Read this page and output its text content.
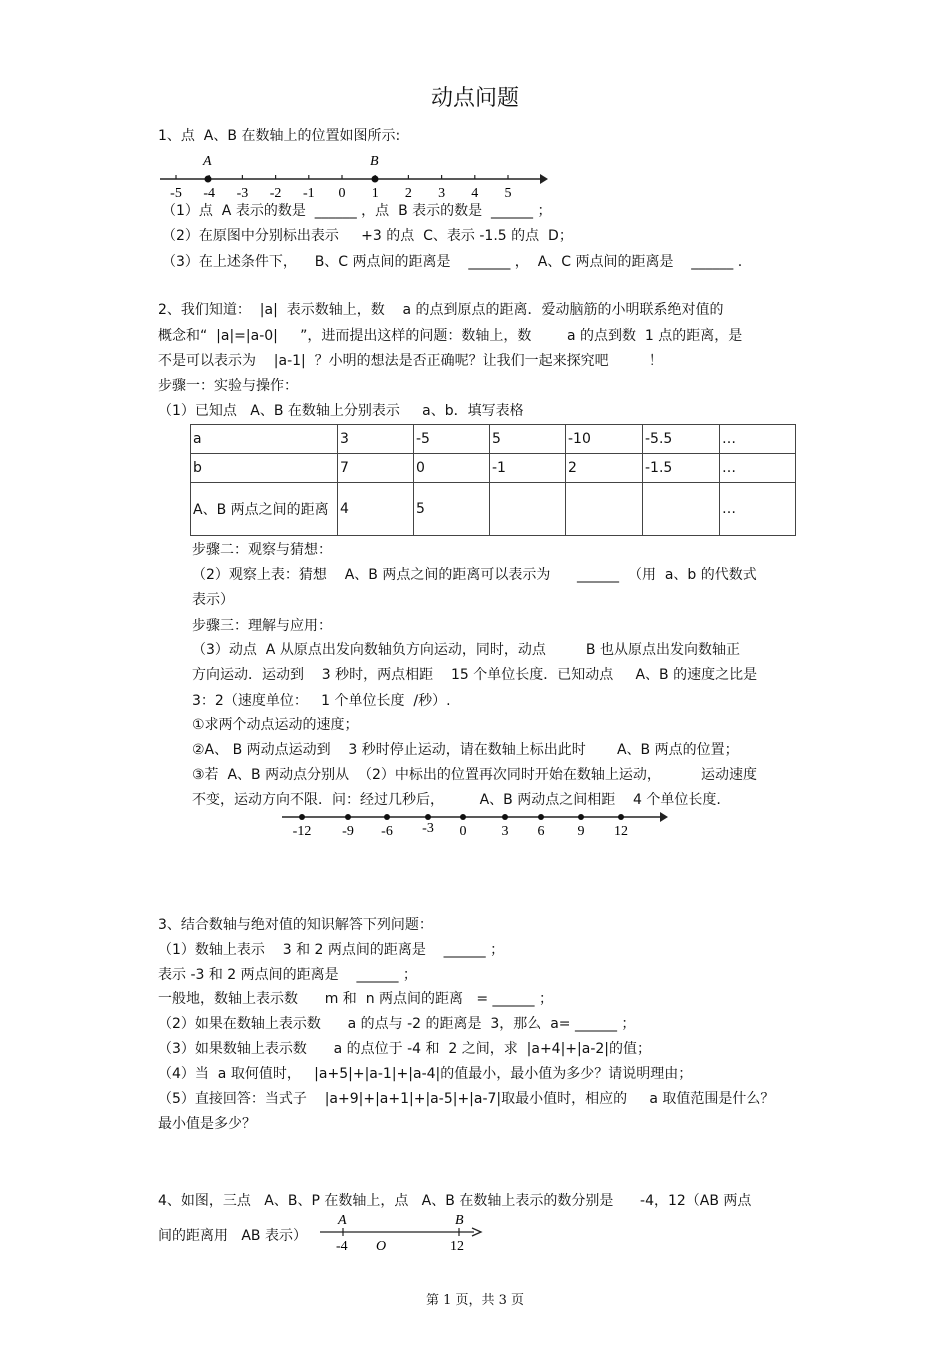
动点问题
1、点  A、B 在数轴上的位置如图所示:
-5 -4 -3 -2 -1 0 1 2 3 4 5
A	B
（1）点  A 表示的数是  ______ ，点  B 表示的数是  ______ ；
（2）在原图中分别标出表示     +3 的点  C、表示 -1.5 的点  D；
（3）在上述条件下，    B、C 两点间的距离是    ______ ，  A、C 两点间的距离是    ______ .
2、我们知道：  |a|  表示数轴上，数    a 的点到原点的距离．爱动脑筋的小明联系绝对值的
概念和“  |a|=|a-0|     ”，进而提出这样的问题：数轴上，数        a 的点到数  1 点的距离，是
不是可以表示为    |a-1|  ？小明的想法是否正确呢？让我们一起来探究吧         ！
步骤一：实验与操作：
（1）已知点   A、B 在数轴上分别表示     a、b．填写表格
a	3	-5	5	-10	-5.5	…
b	7	0	-1	2	-1.5	…
A、B 两点之间的距离	4	5				…
步骤二：观察与猜想：
（2）观察上表：猜想    A、B 两点之间的距离可以表示为      ______  （用  a、b 的代数式
表示）
步骤三：理解与应用：
（3）动点  A 从原点出发向数轴负方向运动，同时，动点         B 也从原点出发向数轴正
方向运动．运动到    3 秒时，两点相距    15 个单位长度．已知动点     A、B 的速度之比是
3：2（速度单位：   1 个单位长度  /秒）.
①求两个动点运动的速度；
②A、 B 两动点运动到    3 秒时停止运动，请在数轴上标出此时       A、B 两点的位置；
③若  A、B 两动点分别从  （2）中标出的位置再次同时开始在数轴上运动，         运动速度
不变，运动方向不限．问：经过几秒后，        A、B 两动点之间相距    4 个单位长度.
-12 -9 -6 -3 0	3 6 9 12
3、结合数轴与绝对值的知识解答下列问题：
（1）数轴上表示    3 和 2 两点间的距离是    ______ ；
表示 -3 和 2 两点间的距离是    ______ ；
一般地，数轴上表示数      m 和  n 两点间的距离   = ______ ；
（2）如果在数轴上表示数      a 的点与 -2 的距离是  3，那么  a= ______ ；
（3）如果数轴上表示数      a 的点位于 -4 和  2 之间，求  |a+4|+|a-2|的值；
（4）当  a 取何值时，   |a+5|+|a-1|+|a-4|的值最小，最小值为多少？请说明理由；
（5）直接回答：当式子    |a+9|+|a+1|+|a-5|+|a-7|取最小值时，相应的     a 取值范围是什么？
最小值是多少？
4、如图，三点   A、B、P 在数轴上，点   A、B 在数轴上表示的数分别是      -4，12（AB 两点
间的距离用   AB 表示）
A	B
-4 O	12
第 1 页，共 3 页
